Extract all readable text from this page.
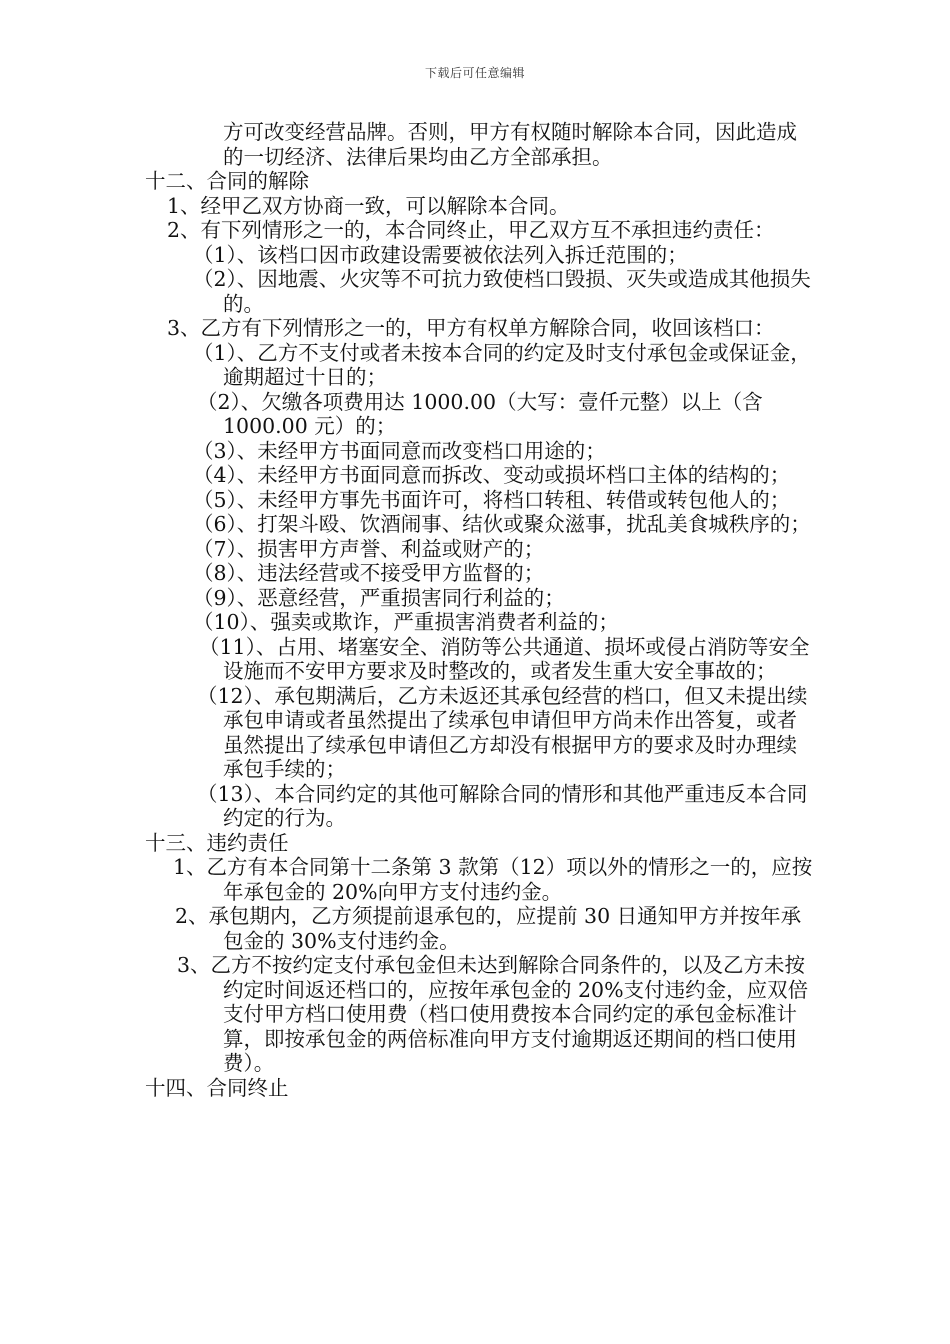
下载后可任意编辑

方可改变经营品牌。否则，甲方有权随时解除本合同，因此造成的一切经济、法律后果均由乙方全部承担。

十二、合同的解除

1、经甲乙双方协商一致，可以解除本合同。

2、有下列情形之一的，本合同终止，甲乙双方互不承担违约责任：

（1）、该档口因市政建设需要被依法列入拆迁范围的；

（2）、因地震、火灾等不可抗力致使档口毁损、灭失或造成其他损失的。

3、乙方有下列情形之一的，甲方有权单方解除合同，收回该档口：

（1）、乙方不支付或者未按本合同的约定及时支付承包金或保证金，逾期超过十日的；

（2）、欠缴各项费用达 1000.00（大写：壹仟元整）以上（含 1000.00 元）的；

（3）、未经甲方书面同意而改变档口用途的；

（4）、未经甲方书面同意而拆改、变动或损坏档口主体的结构的；

（5）、未经甲方事先书面许可，将档口转租、转借或转包他人的；

（6）、打架斗殴、饮酒闹事、结伙或聚众滋事，扰乱美食城秩序的；

（7）、损害甲方声誉、利益或财产的；

（8）、违法经营或不接受甲方监督的；

（9）、恶意经营，严重损害同行利益的；

（10）、强卖或欺诈，严重损害消费者利益的；

（11）、占用、堵塞安全、消防等公共通道、损坏或侵占消防等安全设施而不安甲方要求及时整改的，或者发生重大安全事故的；

（12）、承包期满后，乙方未返还其承包经营的档口，但又未提出续承包申请或者虽然提出了续承包申请但甲方尚未作出答复，或者虽然提出了续承包申请但乙方却没有根据甲方的要求及时办理续承包手续的；

（13）、本合同约定的其他可解除合同的情形和其他严重违反本合同约定的行为。

十三、违约责任

1、乙方有本合同第十二条第 3 款第（12）项以外的情形之一的，应按年承包金的 20%向甲方支付违约金。

2、承包期内，乙方须提前退承包的，应提前 30 日通知甲方并按年承包金的 30%支付违约金。

3、乙方不按约定支付承包金但未达到解除合同条件的，以及乙方未按约定时间返还档口的，应按年承包金的 20%支付违约金，应双倍支付甲方档口使用费（档口使用费按本合同约定的承包金标准计算，即按承包金的两倍标准向甲方支付逾期返还期间的档口使用费）。

十四、合同终止
